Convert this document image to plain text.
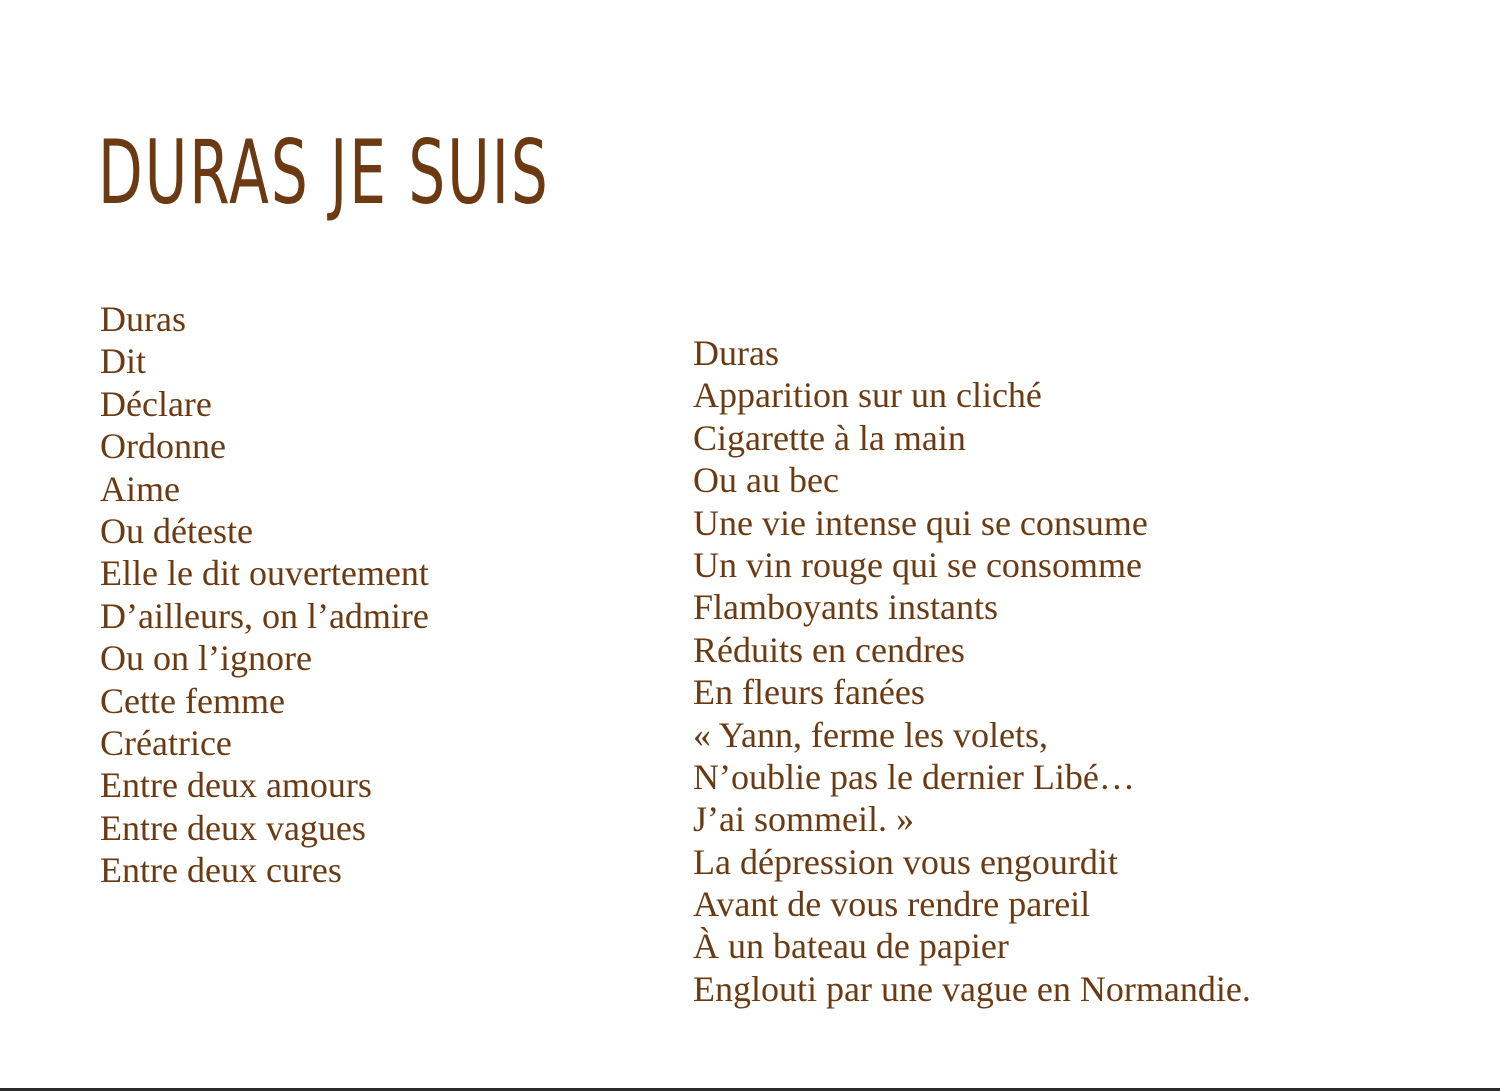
DURAS JE SUIS
Duras
Dit
Déclare
Ordonne
Aime
Ou déteste
Elle le dit ouvertement
D’ailleurs, on l’admire
Ou on l’ignore
Cette femme
Créatrice
Entre deux amours
Entre deux vagues
Entre deux cures
Duras
Apparition sur un cliché
Cigarette à la main
Ou au bec
Une vie intense qui se consume
Un vin rouge qui se consomme
Flamboyants instants
Réduits en cendres
En fleurs fanées
« Yann, ferme les volets,
N’oublie pas le dernier Libé…
J’ai sommeil. »
La dépression vous engourdit
Avant de vous rendre pareil
À un bateau de papier
Englouti par une vague en Normandie.
